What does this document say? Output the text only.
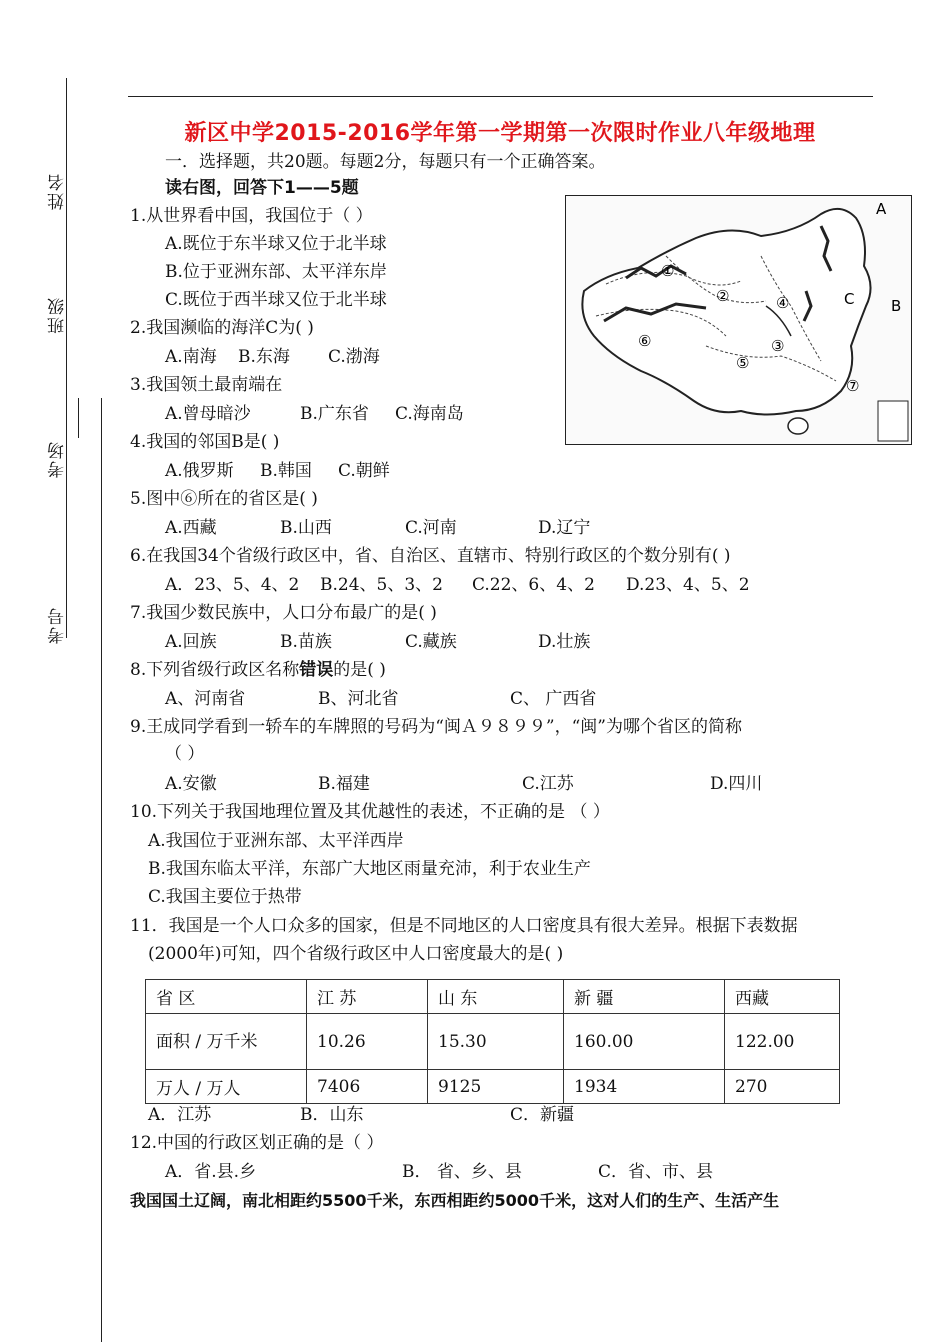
姓名
班级
考场
考号
新区中学2015-2016学年第一学期第一次限时作业八年级地理
一．选择题，共20题。每题2分，每题只有一个正确答案。
读右图，回答下1——5题
A
B
C
①
②
③
④
⑤
⑥
⑦
1.从世界看中国，我国位于（ ）
A.既位于东半球又位于北半球
B.位于亚洲东部、太平洋东岸
C.既位于西半球又位于北半球
2.我国濒临的海洋C为( )
A.南海 B.东海 C.渤海
3.我国领土最南端在
A.曾母暗沙	B.广东省 C.海南岛
4.我国的邻国B是( )
A.俄罗斯 B.韩国 C.朝鲜
5.图中⑥所在的省区是( )
A.西藏	B.山西	C.河南	D.辽宁
6.在我国34个省级行政区中，省、自治区、直辖市、特别行政区的个数分别有( )
A．23、5、4、2 B.24、5、3、2 C.22、6、4、2 D.23、4、5、2
7.我国少数民族中，人口分布最广的是( )
A.回族	B.苗族	C.藏族	D.壮族
8.下列省级行政区名称错误的是( )
A、河南省	B、河北省	C、 广西省
9.王成同学看到一轿车的车牌照的号码为“闽Ａ９８９９”，“闽”为哪个省区的简称
（ ）
A.安徽	B.福建	C.江苏	D.四川
10.下列关于我国地理位置及其优越性的表述，不正确的是 （ ）
A.我国位于亚洲东部、太平洋西岸
B.我国东临太平洋，东部广大地区雨量充沛，利于农业生产
C.我国主要位于热带
11．我国是一个人口众多的国家，但是不同地区的人口密度具有很大差异。根据下表数据
(2000年)可知，四个省级行政区中人口密度最大的是( )
省 区	江 苏	山 东	新 疆	西藏
面积 / 万千米	10.26	15.30	160.00	122.00
万人 / 万人	7406	9125	1934	270
A．江苏	B．山东	C．新疆
12.中国的行政区划正确的是（ ）
A．省.县.乡	B． 省、乡、县	C．省、市、县
我国国土辽阔，南北相距约5500千米，东西相距约5000千米，这对人们的生产、生活产生
